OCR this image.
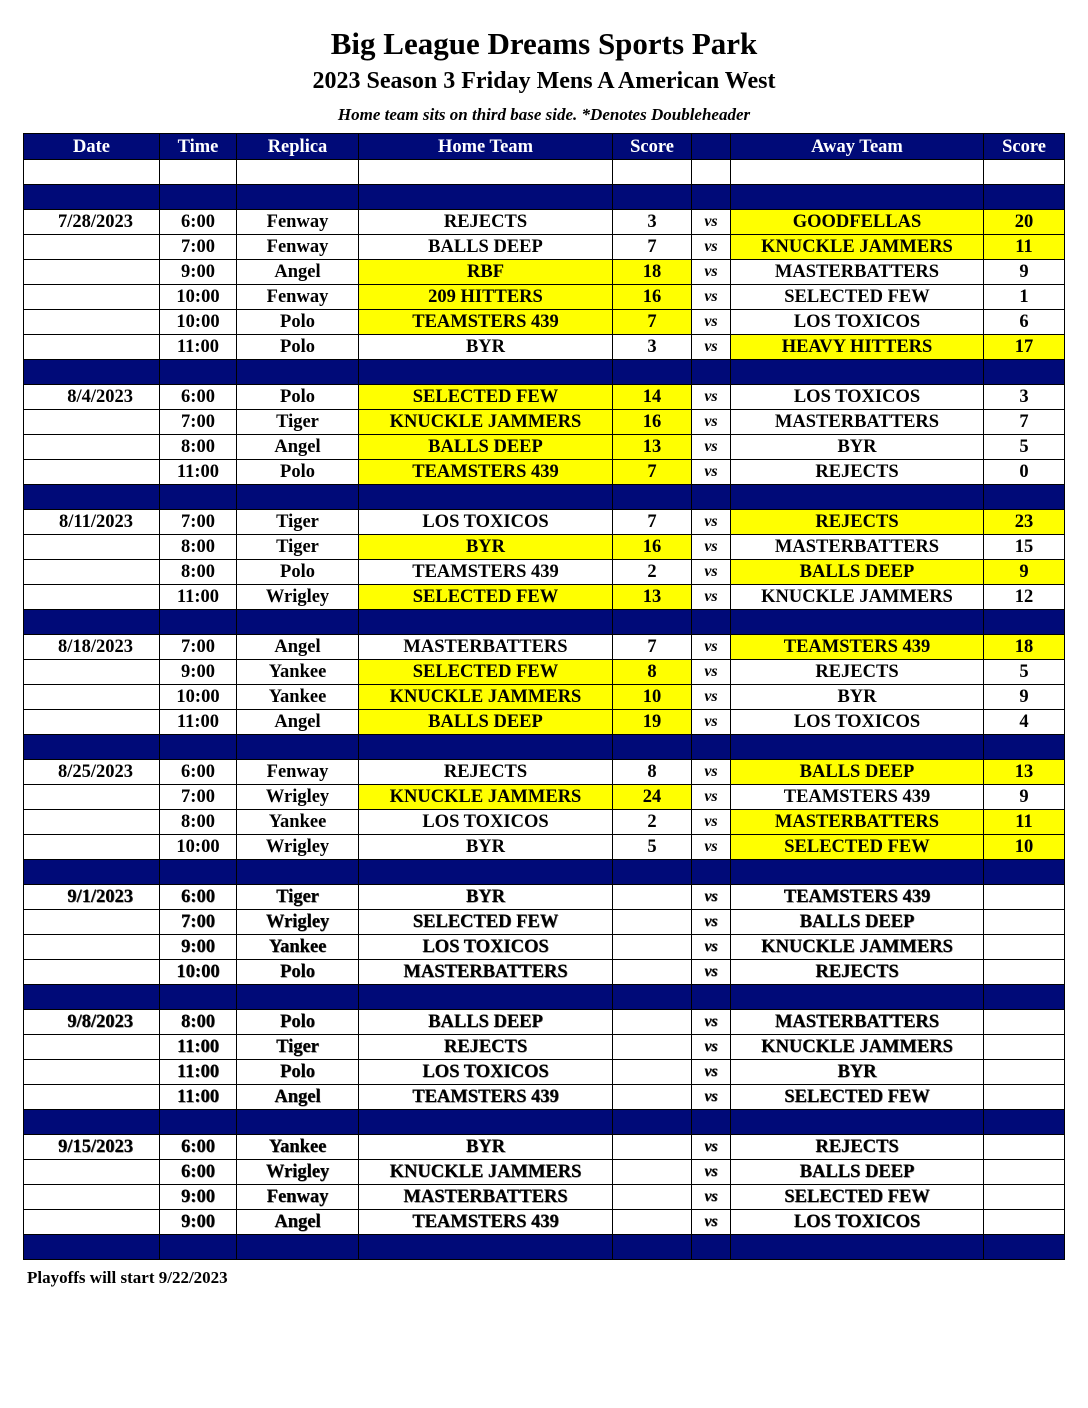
Big League Dreams Sports Park
2023 Season 3 Friday Mens A American West
Home team sits on third base side. *Denotes Doubleheader
Date	Time	Replica	Home Team	Score		Away Team	Score

7/28/2023	6:00	Fenway	REJECTS	3	vs	GOODFELLAS	20
	7:00	Fenway	BALLS DEEP	7	vs	KNUCKLE JAMMERS	11
	9:00	Angel	RBF	18	vs	MASTERBATTERS	9
	10:00	Fenway	209 HITTERS	16	vs	SELECTED FEW	1
	10:00	Polo	TEAMSTERS 439	7	vs	LOS TOXICOS	6
	11:00	Polo	BYR	3	vs	HEAVY HITTERS	17

8/4/2023	6:00	Polo	SELECTED FEW	14	vs	LOS TOXICOS	3
	7:00	Tiger	KNUCKLE JAMMERS	16	vs	MASTERBATTERS	7
	8:00	Angel	BALLS DEEP	13	vs	BYR	5
	11:00	Polo	TEAMSTERS 439	7	vs	REJECTS	0

8/11/2023	7:00	Tiger	LOS TOXICOS	7	vs	REJECTS	23
	8:00	Tiger	BYR	16	vs	MASTERBATTERS	15
	8:00	Polo	TEAMSTERS 439	2	vs	BALLS DEEP	9
	11:00	Wrigley	SELECTED FEW	13	vs	KNUCKLE JAMMERS	12

8/18/2023	7:00	Angel	MASTERBATTERS	7	vs	TEAMSTERS 439	18
	9:00	Yankee	SELECTED FEW	8	vs	REJECTS	5
	10:00	Yankee	KNUCKLE JAMMERS	10	vs	BYR	9
	11:00	Angel	BALLS DEEP	19	vs	LOS TOXICOS	4

8/25/2023	6:00	Fenway	REJECTS	8	vs	BALLS DEEP	13
	7:00	Wrigley	KNUCKLE JAMMERS	24	vs	TEAMSTERS 439	9
	8:00	Yankee	LOS TOXICOS	2	vs	MASTERBATTERS	11
	10:00	Wrigley	BYR	5	vs	SELECTED FEW	10

9/1/2023	6:00	Tiger	BYR		vs	TEAMSTERS 439	
	7:00	Wrigley	SELECTED FEW		vs	BALLS DEEP	
	9:00	Yankee	LOS TOXICOS		vs	KNUCKLE JAMMERS	
	10:00	Polo	MASTERBATTERS		vs	REJECTS	

9/8/2023	8:00	Polo	BALLS DEEP		vs	MASTERBATTERS	
	11:00	Tiger	REJECTS		vs	KNUCKLE JAMMERS	
	11:00	Polo	LOS TOXICOS		vs	BYR	
	11:00	Angel	TEAMSTERS 439		vs	SELECTED FEW	

9/15/2023	6:00	Yankee	BYR		vs	REJECTS	
	6:00	Wrigley	KNUCKLE JAMMERS		vs	BALLS DEEP	
	9:00	Fenway	MASTERBATTERS		vs	SELECTED FEW	
	9:00	Angel	TEAMSTERS 439		vs	LOS TOXICOS	

Playoffs will start 9/22/2023
